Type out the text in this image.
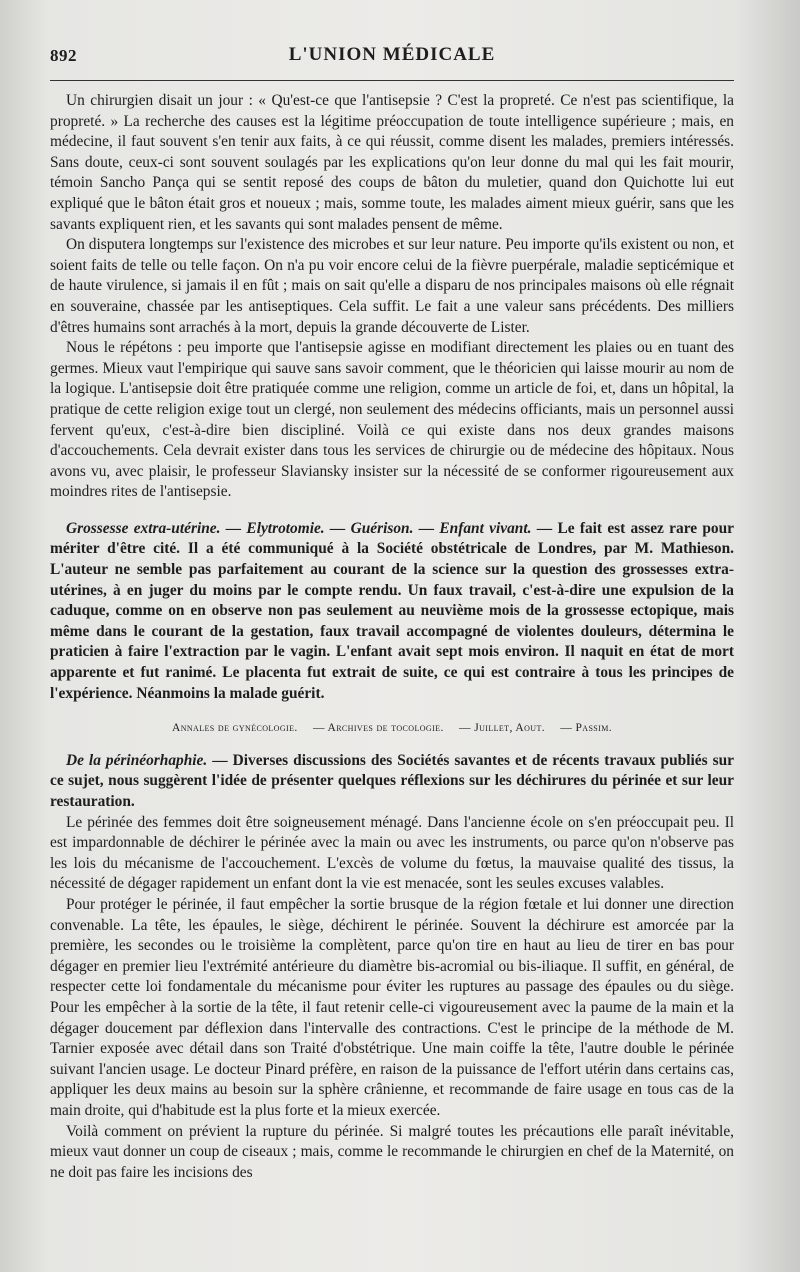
892	L'UNION MÉDICALE

Un chirurgien disait un jour : « Qu'est-ce que l'antisepsie ? C'est la propreté. Ce n'est pas scientifique, la propreté. » La recherche des causes est la légitime préoccupation de toute intelligence supérieure ; mais, en médecine, il faut souvent s'en tenir aux faits, à ce qui réussit, comme disent les malades, premiers intéressés. Sans doute, ceux-ci sont souvent soulagés par les explications qu'on leur donne du mal qui les fait mourir, témoin Sancho Pança qui se sentit reposé des coups de bâton du muletier, quand don Quichotte lui eut expliqué que le bâton était gros et noueux ; mais, somme toute, les malades aiment mieux guérir, sans que les savants expliquent rien, et les savants qui sont malades pensent de même.

On disputera longtemps sur l'existence des microbes et sur leur nature. Peu importe qu'ils existent ou non, et soient faits de telle ou telle façon. On n'a pu voir encore celui de la fièvre puerpérale, maladie septicémique et de haute virulence, si jamais il en fût ; mais on sait qu'elle a disparu de nos principales maisons où elle régnait en souveraine, chassée par les antiseptiques. Cela suffit. Le fait a une valeur sans précédents. Des milliers d'êtres humains sont arrachés à la mort, depuis la grande découverte de Lister.

Nous le répétons : peu importe que l'antisepsie agisse en modifiant directement les plaies ou en tuant des germes. Mieux vaut l'empirique qui sauve sans savoir comment, que le théoricien qui laisse mourir au nom de la logique. L'antisepsie doit être pratiquée comme une religion, comme un article de foi, et, dans un hôpital, la pratique de cette religion exige tout un clergé, non seulement des médecins officiants, mais un personnel aussi fervent qu'eux, c'est-à-dire bien discipliné. Voilà ce qui existe dans nos deux grandes maisons d'accouchements. Cela devrait exister dans tous les services de chirurgie ou de médecine des hôpitaux. Nous avons vu, avec plaisir, le professeur Slaviansky insister sur la nécessité de se conformer rigoureusement aux moindres rites de l'antisepsie.

Grossesse extra-utérine. — Elytrotomie. — Guérison. — Enfant vivant. — Le fait est assez rare pour mériter d'être cité. Il a été communiqué à la Société obstétricale de Londres, par M. Mathieson. L'auteur ne semble pas parfaitement au courant de la science sur la question des grossesses extra-utérines, à en juger du moins par le compte rendu. Un faux travail, c'est-à-dire une expulsion de la caduque, comme on en observe non pas seulement au neuvième mois de la grossesse ectopique, mais même dans le courant de la gestation, faux travail accompagné de violentes douleurs, détermina le praticien à faire l'extraction par le vagin. L'enfant avait sept mois environ. Il naquit en état de mort apparente et fut ranimé. Le placenta fut extrait de suite, ce qui est contraire à tous les principes de l'expérience. Néanmoins la malade guérit.

Annales de gynécologie. — Archives de tocologie. — Juillet, Aout. — Passim.

De la périnéorhaphie. — Diverses discussions des Sociétés savantes et de récents travaux publiés sur ce sujet, nous suggèrent l'idée de présenter quelques réflexions sur les déchirures du périnée et sur leur restauration.

Le périnée des femmes doit être soigneusement ménagé. Dans l'ancienne école on s'en préoccupait peu. Il est impardonnable de déchirer le périnée avec la main ou avec les instruments, ou parce qu'on n'observe pas les lois du mécanisme de l'accouchement. L'excès de volume du fœtus, la mauvaise qualité des tissus, la nécessité de dégager rapidement un enfant dont la vie est menacée, sont les seules excuses valables.

Pour protéger le périnée, il faut empêcher la sortie brusque de la région fœtale et lui donner une direction convenable. La tête, les épaules, le siège, déchirent le périnée. Souvent la déchirure est amorcée par la première, les secondes ou le troisième la complètent, parce qu'on tire en haut au lieu de tirer en bas pour dégager en premier lieu l'extrémité antérieure du diamètre bis-acromial ou bis-iliaque. Il suffit, en général, de respecter cette loi fondamentale du mécanisme pour éviter les ruptures au passage des épaules ou du siège. Pour les empêcher à la sortie de la tête, il faut retenir celle-ci vigoureusement avec la paume de la main et la dégager doucement par déflexion dans l'intervalle des contractions. C'est le principe de la méthode de M. Tarnier exposée avec détail dans son Traité d'obstétrique. Une main coiffe la tête, l'autre double le périnée suivant l'ancien usage. Le docteur Pinard préfère, en raison de la puissance de l'effort utérin dans certains cas, appliquer les deux mains au besoin sur la sphère crânienne, et recommande de faire usage en tous cas de la main droite, qui d'habitude est la plus forte et la mieux exercée.

Voilà comment on prévient la rupture du périnée. Si malgré toutes les précautions elle paraît inévitable, mieux vaut donner un coup de ciseaux ; mais, comme le recommande le chirurgien en chef de la Maternité, on ne doit pas faire les incisions des
